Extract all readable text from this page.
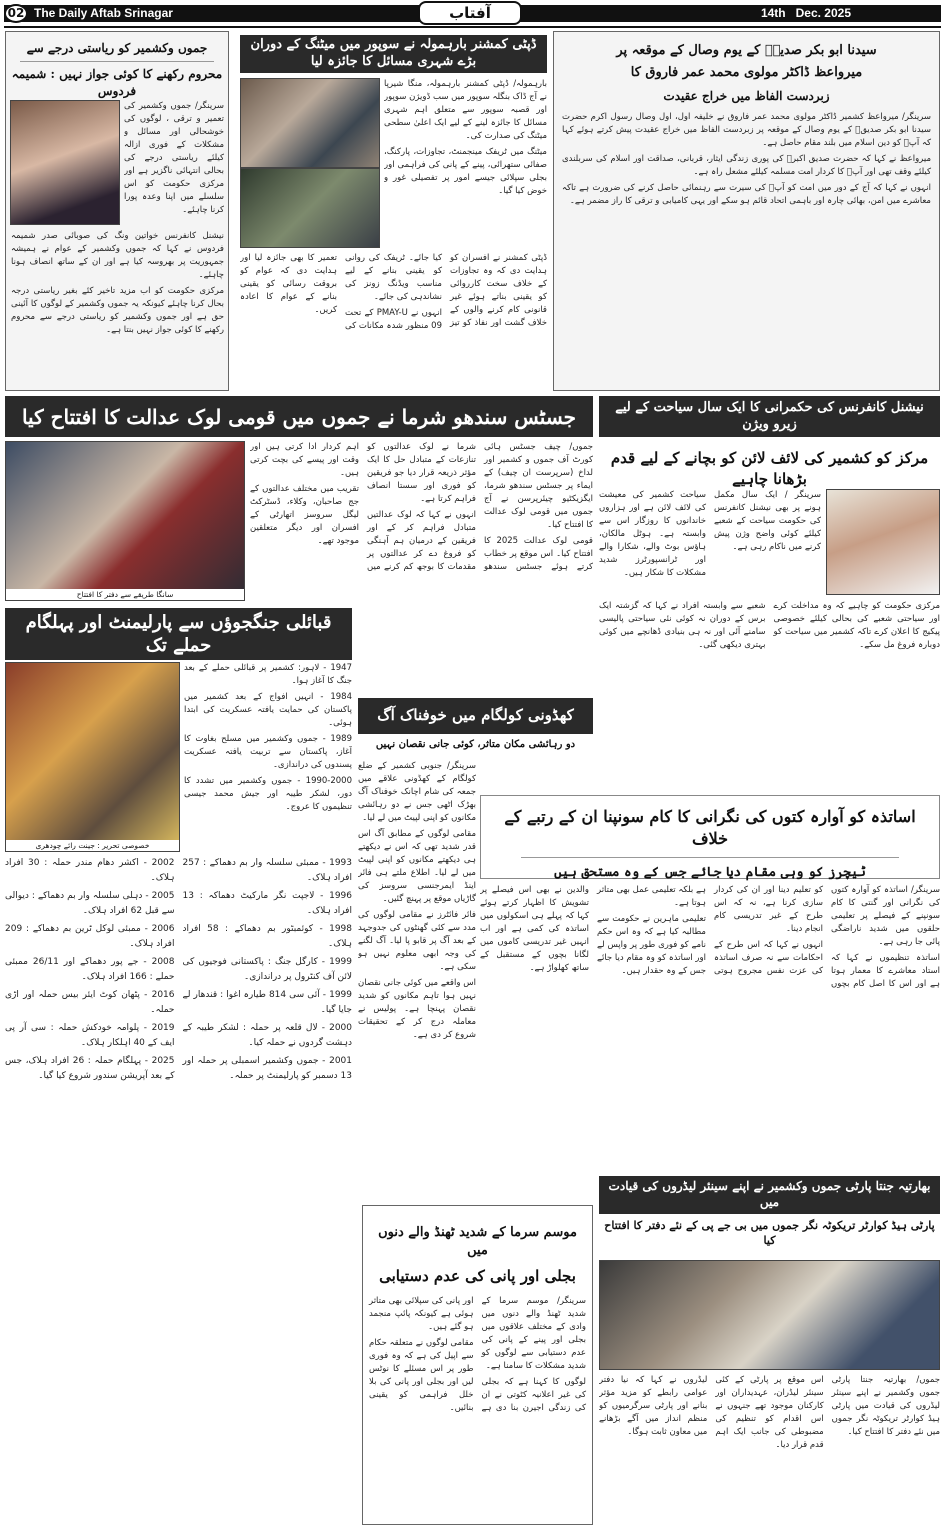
The Daily Aftab Srinagar	14th   Dec. 2025
02	آفتاب
جموں وکشمیر کو ریاستی درجے سے
محروم رکھنے کا کوئی جواز نہیں : شمیمہ فردوس

سرینگر/ جموں وکشمیر کی تعمیر و ترقی ، لوگوں کی خوشحالی اور مسائل و مشکلات کے فوری ازالہ کیلئے ریاستی درجے کی بحالی انتہائی ناگزیر ہے اور مرکزی حکومت کو اس سلسلے میں اپنا وعدہ پورا کرنا چاہئے۔

نیشنل کانفرنس خواتین ونگ کی صوبائی صدر شمیمہ فردوس نے کہا کہ جموں وکشمیر کے عوام نے ہمیشہ جمہوریت پر بھروسہ کیا ہے اور ان کے ساتھ انصاف ہونا چاہئے۔

مرکزی حکومت کو اب مزید تاخیر کئے بغیر ریاستی درجہ بحال کرنا چاہئے کیونکہ یہ جموں وکشمیر کے لوگوں کا آئینی حق ہے اور جموں وکشمیر کو ریاستی درجے سے محروم رکھنے کا کوئی جواز نہیں بنتا ہے۔

ڈپٹی کمشنر بارہمولہ نے سوپور میں میٹنگ کے دوران بڑے شہری مسائل کا جائزہ لیا

بارہمولہ/ ڈپٹی کمشنر بارہمولہ، منگا شیرپا نے آج ڈاک بنگلہ سوپور میں سب ڈویژن سوپور اور قصبہ سوپور سے متعلق اہم شہری مسائل کا جائزہ لینے کے لیے ایک اعلیٰ سطحی میٹنگ کی صدارت کی۔

میٹنگ میں ٹریفک مینجمنٹ، تجاوزات، پارکنگ، صفائی ستھرائی، پینے کے پانی کی فراہمی اور بجلی سپلائی جیسے امور پر تفصیلی غور و خوض کیا گیا۔

ڈپٹی کمشنر نے افسران کو ہدایت دی کہ وہ تجاوزات کے خلاف سخت کارروائی کو یقینی بناتے ہوئے غیر قانونی کام کرنے والوں کے خلاف گشت اور نفاذ کو تیز کیا جائے۔ ٹریفک کی روانی کو یقینی بنانے کے لیے مناسب ویڈنگ زونز کی نشاندہی کی جائے۔

انہوں نے PMAY-U کے تحت 09 منظور شدہ مکانات کی تعمیر کا بھی جائزہ لیا اور ہدایت دی کہ عوام کو بروقت رسائی کو یقینی بنانے کے عوام کا اعادہ کریں۔

سیدنا ابو بکر صدیقؓ کے یوم وصال کے موقعہ پر
میرواعظ ڈاکٹر مولوی محمد عمر فاروق کا
زبردست الفاظ میں خراج عقیدت

سرینگر/ میرواعظ کشمیر ڈاکٹر مولوی محمد عمر فاروق نے خلیفہ اول، اول وصال رسول اکرم حضرت سیدنا ابو بکر صدیقؓ کے یوم وصال کے موقعہ پر زبردست الفاظ میں خراج عقیدت پیش کرتے ہوئے کہا کہ آپؓ کو دین اسلام میں بلند مقام حاصل ہے۔

میرواعظ نے کہا کہ حضرت صدیق اکبرؓ کی پوری زندگی ایثار، قربانی، صداقت اور اسلام کی سربلندی کیلئے وقف تھی اور آپؓ کا کردار امت مسلمہ کیلئے مشعل راہ ہے۔

انہوں نے کہا کہ آج کے دور میں امت کو آپؓ کی سیرت سے رہنمائی حاصل کرنے کی ضرورت ہے تاکہ معاشرے میں امن، بھائی چارہ اور باہمی اتحاد قائم ہو سکے اور یہی کامیابی و ترقی کا راز مضمر ہے۔

جسٹس سندھو شرما نے جموں میں قومی لوک عدالت کا افتتاح کیا
سانگا طریقے سے دفتر کا افتتاح

جموں/ چیف جسٹس ہائی کورٹ آف جموں و کشمیر اور لداخ (سرپرست ان چیف) کے ایماء پر جسٹس سندھو شرما، ایگزیکٹیو چیئرپرسن نے آج جموں میں قومی لوک عدالت کا افتتاح کیا۔

قومی لوک عدالت 2025 کا افتتاح کیا۔ اس موقع پر خطاب کرتے ہوئے جسٹس سندھو شرما نے لوک عدالتوں کو تنازعات کے متبادل حل کا ایک مؤثر ذریعہ قرار دیا جو فریقین کو فوری اور سستا انصاف فراہم کرتا ہے۔

انہوں نے کہا کہ لوک عدالتیں متبادل فراہم کر کے اور فریقین کے درمیان ہم آہنگی کو فروغ دے کر عدالتوں پر مقدمات کا بوجھ کم کرنے میں اہم کردار ادا کرتی ہیں اور وقت اور پیسے کی بچت کرتی ہیں۔

تقریب میں مختلف عدالتوں کے جج صاحبان، وکلاء، ڈسٹرکٹ لیگل سروسز اتھارٹی کے افسران اور دیگر متعلقین موجود تھے۔

نیشنل کانفرنس کی حکمرانی کا ایک سال سیاحت کے لیے زیرو ویژن
مرکز کو کشمیر کی لائف لائن کو بچانے کے لیے قدم بڑھانا چاہیے

سرینگر / ایک سال مکمل ہونے پر بھی نیشنل کانفرنس کی حکومت سیاحت کے شعبے کیلئے کوئی واضح وژن پیش کرنے میں ناکام رہی ہے۔

سیاحت کشمیر کی معیشت کی لائف لائن ہے اور ہزاروں خاندانوں کا روزگار اس سے وابستہ ہے۔ ہوٹل مالکان، ہاؤس بوٹ والے، شکارا والے اور ٹرانسپورٹرز شدید مشکلات کا شکار ہیں۔

مرکزی حکومت کو چاہیے کہ وہ مداخلت کرے اور سیاحتی شعبے کی بحالی کیلئے خصوصی پیکیج کا اعلان کرے تاکہ کشمیر میں سیاحت کو دوبارہ فروغ مل سکے۔

شعبے سے وابستہ افراد نے کہا کہ گزشتہ ایک برس کے دوران نہ کوئی نئی سیاحتی پالیسی سامنے آئی اور نہ ہی بنیادی ڈھانچے میں کوئی بہتری دیکھی گئی۔

قبائلی جنگجوؤں سے پارلیمنٹ اور پہلگام حملے تک
خصوصی تحریر : جینت رائے چودھری

1947 - لاہور: کشمیر پر قبائلی حملے کے بعد جنگ کا آغاز ہوا۔

1984 - انہیں افواج کے بعد کشمیر میں پاکستان کی حمایت یافتہ عسکریت کی ابتدا ہوئی۔

1989 - جموں وکشمیر میں مسلح بغاوت کا آغاز، پاکستان سے تربیت یافتہ عسکریت پسندوں کی دراندازی۔

1990-2000 - جموں وکشمیر میں تشدد کا دور، لشکر طیبہ اور جیش محمد جیسی تنظیموں کا عروج۔

1993 - ممبئی سلسلہ وار بم دھماکے : 257 افراد ہلاک۔

1996 - لاجپت نگر مارکیٹ دھماکہ : 13 افراد ہلاک۔

1998 - کوئمبٹور بم دھماکے : 58 افراد ہلاک۔

1999 - کارگل جنگ : پاکستانی فوجیوں کی لائن آف کنٹرول پر دراندازی۔

1999 - آئی سی 814 طیارہ اغوا : قندھار لے جایا گیا۔

2000 - لال قلعہ پر حملہ : لشکر طیبہ کے دہشت گردوں نے حملہ کیا۔

2001 - جموں وکشمیر اسمبلی پر حملہ اور 13 دسمبر کو پارلیمنٹ پر حملہ۔

2002 - اکشر دھام مندر حملہ : 30 افراد ہلاک۔

2005 - دہلی سلسلہ وار بم دھماکے : دیوالی سے قبل 62 افراد ہلاک۔

2006 - ممبئی لوکل ٹرین بم دھماکے : 209 افراد ہلاک۔

2008 - جے پور دھماکے اور 26/11 ممبئی حملے : 166 افراد ہلاک۔

2016 - پٹھان کوٹ ایئر بیس حملہ اور اڑی حملہ۔

2019 - پلوامہ خودکش حملہ : سی آر پی ایف کے 40 اہلکار ہلاک۔

2025 - پہلگام حملہ : 26 افراد ہلاک، جس کے بعد آپریشن سندور شروع کیا گیا۔

کھڈونی کولگام میں خوفناک آگ
دو رہائشی مکان متاثر، کوئی جانی نقصان نہیں

سرینگر/ جنوبی کشمیر کے ضلع کولگام کے کھڈونی علاقے میں جمعہ کی شام اچانک خوفناک آگ بھڑک اٹھی جس نے دو رہائشی مکانوں کو اپنی لپیٹ میں لے لیا۔

مقامی لوگوں کے مطابق آگ اس قدر شدید تھی کہ اس نے دیکھتے ہی دیکھتے مکانوں کو اپنی لپیٹ میں لے لیا۔ اطلاع ملتے ہی فائر اینڈ ایمرجنسی سروسز کی گاڑیاں موقع پر پہنچ گئیں۔

فائر فائٹرز نے مقامی لوگوں کی مدد سے کئی گھنٹوں کی جدوجہد کے بعد آگ پر قابو پا لیا۔ آگ لگنے کی وجہ ابھی معلوم نہیں ہو سکی ہے۔

اس واقعے میں کوئی جانی نقصان نہیں ہوا تاہم مکانوں کو شدید نقصان پہنچا ہے۔ پولیس نے معاملہ درج کر کے تحقیقات شروع کر دی ہے۔

اساتذہ کو آوارہ کتوں کی نگرانی کا کام سونپنا ان کے رتبے کے خلاف
ٹیچرز کو وہی مقام دیا جائے جس کے وہ مستحق ہیں

سرینگر/ اساتذہ کو آوارہ کتوں کی نگرانی اور گنتی کا کام سونپنے کے فیصلے پر تعلیمی حلقوں میں شدید ناراضگی پائی جا رہی ہے۔

اساتذہ تنظیموں نے کہا کہ استاد معاشرے کا معمار ہوتا ہے اور اس کا اصل کام بچوں کو تعلیم دینا اور ان کی کردار سازی کرنا ہے، نہ کہ اس طرح کے غیر تدریسی کام انجام دینا۔

انہوں نے کہا کہ اس طرح کے احکامات سے نہ صرف اساتذہ کی عزت نفس مجروح ہوتی ہے بلکہ تعلیمی عمل بھی متاثر ہوتا ہے۔

تعلیمی ماہرین نے حکومت سے مطالبہ کیا ہے کہ وہ اس حکم نامے کو فوری طور پر واپس لے اور اساتذہ کو وہ مقام دیا جائے جس کے وہ حقدار ہیں۔

والدین نے بھی اس فیصلے پر تشویش کا اظہار کرتے ہوئے کہا کہ پہلے ہی اسکولوں میں اساتذہ کی کمی ہے اور اب انہیں غیر تدریسی کاموں میں لگانا بچوں کے مستقبل کے ساتھ کھلواڑ ہے۔

موسم سرما کے شدید ٹھنڈ والے دنوں میں
بجلی اور پانی کی عدم دستیابی

سرینگر/ موسم سرما کے شدید ٹھنڈ والے دنوں میں وادی کے مختلف علاقوں میں بجلی اور پینے کے پانی کی عدم دستیابی سے لوگوں کو شدید مشکلات کا سامنا ہے۔

لوگوں کا کہنا ہے کہ بجلی کی غیر اعلانیہ کٹوتی نے ان کی زندگی اجیرن بنا دی ہے اور پانی کی سپلائی بھی متاثر ہوئی ہے کیونکہ پائپ منجمد ہو گئے ہیں۔

مقامی لوگوں نے متعلقہ حکام سے اپیل کی ہے کہ وہ فوری طور پر اس مسئلے کا نوٹس لیں اور بجلی اور پانی کی بلا خلل فراہمی کو یقینی بنائیں۔

بھارتیہ جنتا پارٹی جموں وکشمیر نے اپنے سینئر لیڈروں کی قیادت میں
پارٹی ہیڈ کوارٹر تریکوٹہ نگر جموں میں بی جے پی کے نئے دفتر کا افتتاح کیا

جموں/ بھارتیہ جنتا پارٹی جموں وکشمیر نے اپنے سینئر لیڈروں کی قیادت میں پارٹی ہیڈ کوارٹر تریکوٹہ نگر جموں میں نئے دفتر کا افتتاح کیا۔

اس موقع پر پارٹی کے کئی سینئر لیڈران، عہدیداران اور کارکنان موجود تھے جنہوں نے اس اقدام کو تنظیم کی مضبوطی کی جانب ایک اہم قدم قرار دیا۔

لیڈروں نے کہا کہ نیا دفتر عوامی رابطے کو مزید مؤثر بنانے اور پارٹی سرگرمیوں کو منظم انداز میں آگے بڑھانے میں معاون ثابت ہوگا۔
